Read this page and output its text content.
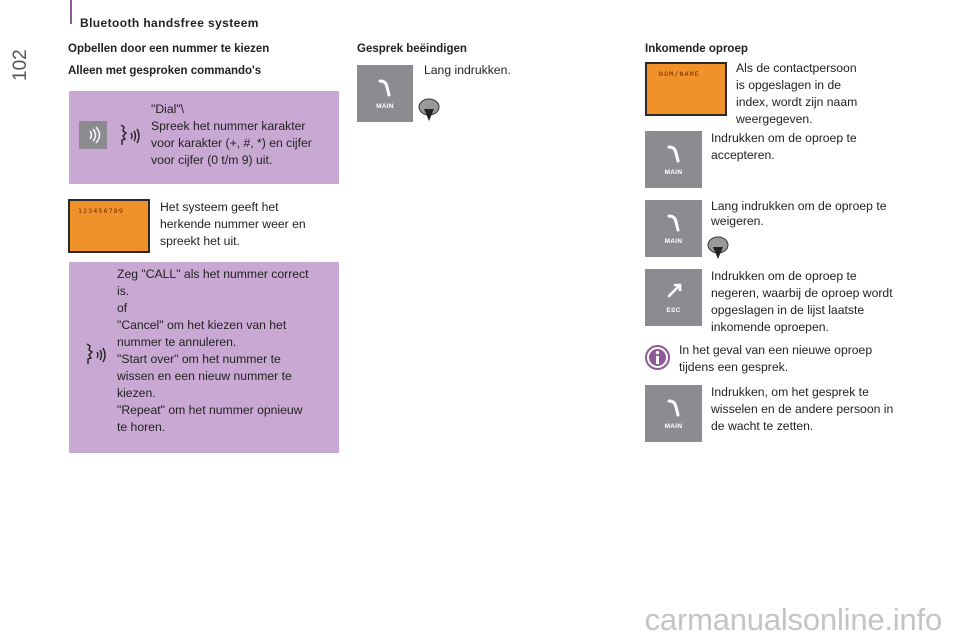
102
Bluetooth handsfree systeem
Opbellen door een nummer te kiezen
Alleen met gesproken commando's
"Dial"\
Spreek het nummer karakter
voor karakter (+, #, *) en cijfer
voor cijfer (0 t/m 9) uit.
123456789	Het systeem geeft het
herkende nummer weer en
spreekt het uit.
Zeg "CALL" als het nummer correct
is.
of
"Cancel" om het kiezen van het
nummer te annuleren.
"Start over" om het nummer te
wissen en een nieuw nummer te
kiezen.
"Repeat" om het nummer opnieuw
te horen.
Gesprek beëindigen
MAIN
Lang indrukken.
Inkomende oproep
NOM/NAME	Als de contactpersoon
is opgeslagen in de
index, wordt zijn naam
weergegeven.
MAIN
Indrukken om de oproep te
accepteren.
MAIN
Lang indrukken om de oproep te
weigeren.
ESC
Indrukken om de oproep te
negeren, waarbij de oproep wordt
opgeslagen in de lijst laatste
inkomende oproepen.
In het geval van een nieuwe oproep
tijdens een gesprek.
MAIN
Indrukken, om het gesprek te
wisselen en de andere persoon in
de wacht te zetten.
carmanualsonline.info
